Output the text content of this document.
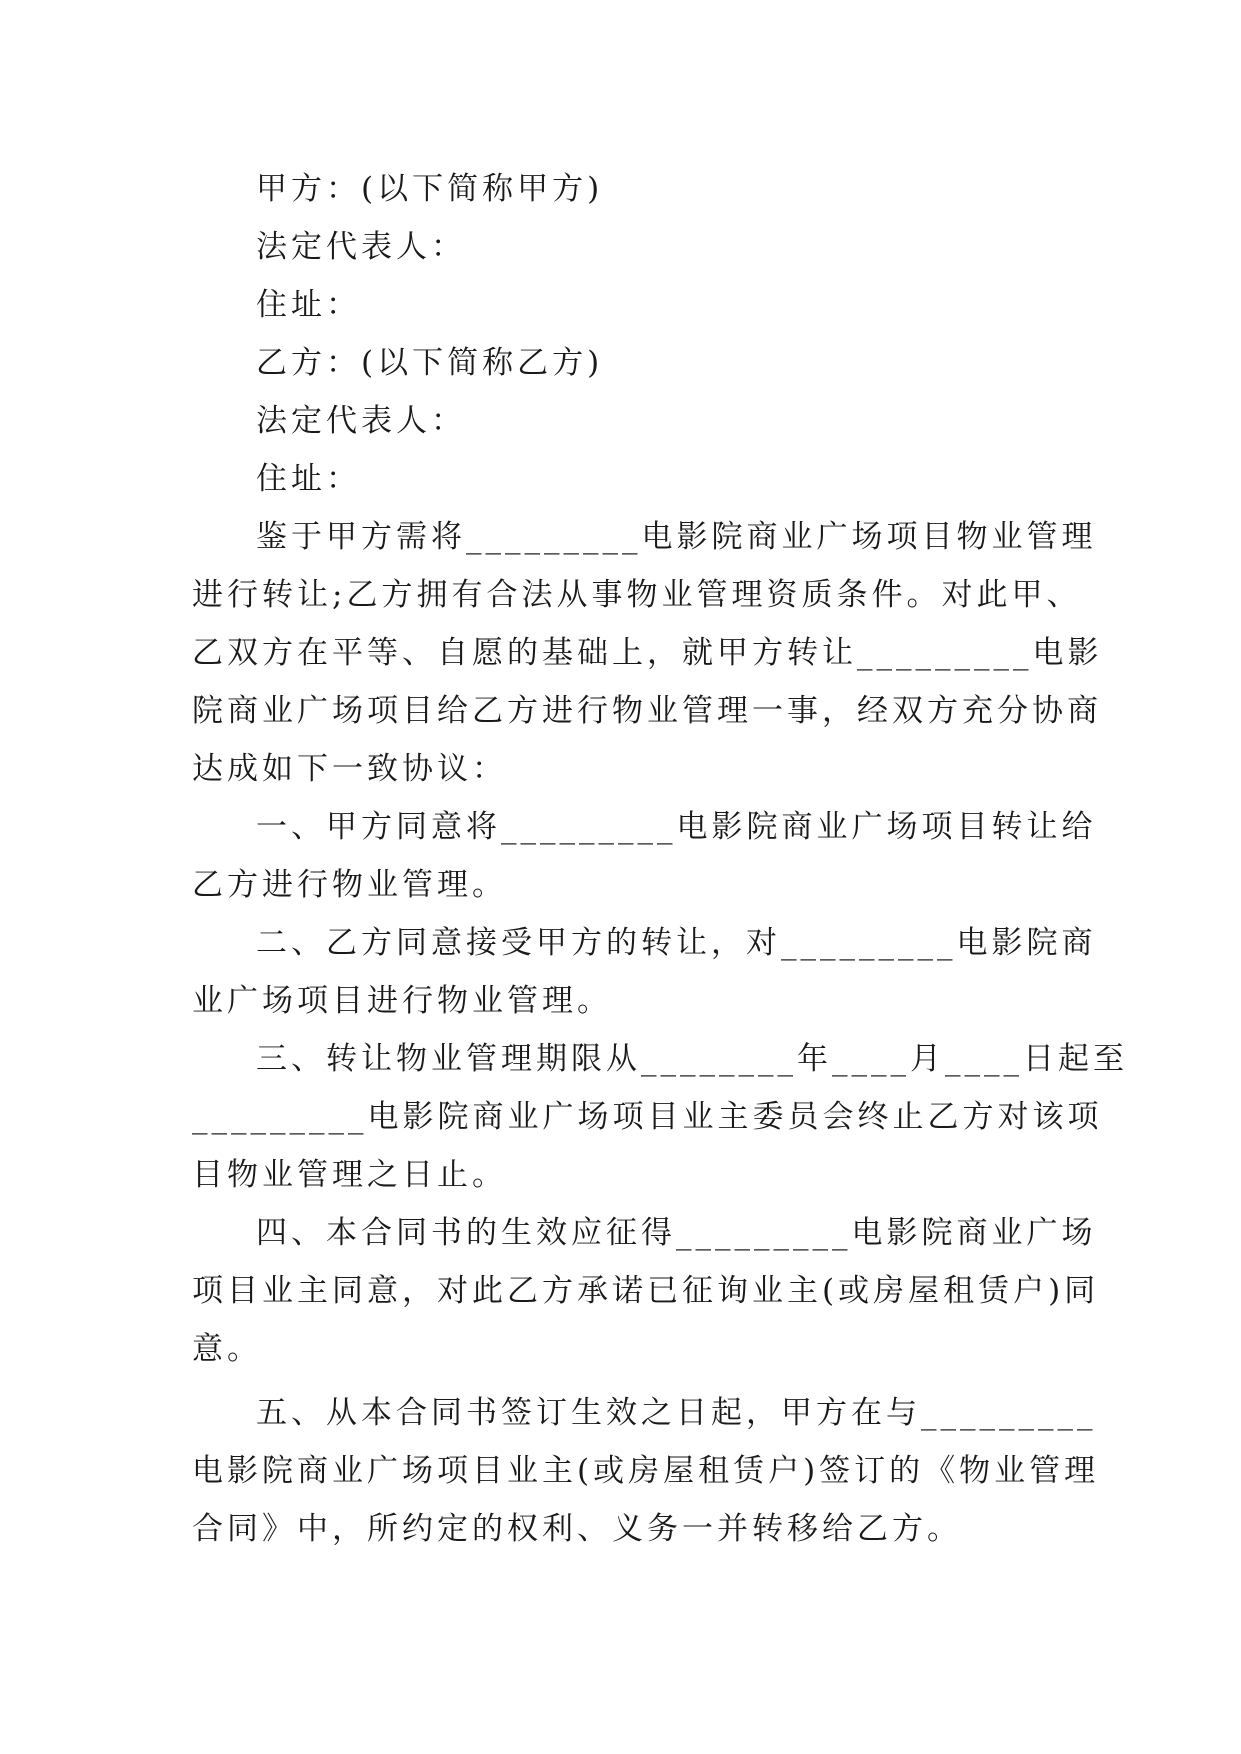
甲方：(以下简称甲方)
法定代表人：
住址：
乙方：(以下简称乙方)
法定代表人：
住址：
鉴于甲方需将_________电影院商业广场项目物业管理
进行转让;乙方拥有合法从事物业管理资质条件。对此甲、
乙双方在平等、自愿的基础上，就甲方转让_________电影
院商业广场项目给乙方进行物业管理一事，经双方充分协商
达成如下一致协议：
一、甲方同意将_________电影院商业广场项目转让给
乙方进行物业管理。
二、乙方同意接受甲方的转让，对_________电影院商
业广场项目进行物业管理。
三、转让物业管理期限从________年____月____日起至
_________电影院商业广场项目业主委员会终止乙方对该项
目物业管理之日止。
四、本合同书的生效应征得_________电影院商业广场
项目业主同意，对此乙方承诺已征询业主(或房屋租赁户)同
意。
五、从本合同书签订生效之日起，甲方在与_________
电影院商业广场项目业主(或房屋租赁户)签订的《物业管理
合同》中，所约定的权利、义务一并转移给乙方。
